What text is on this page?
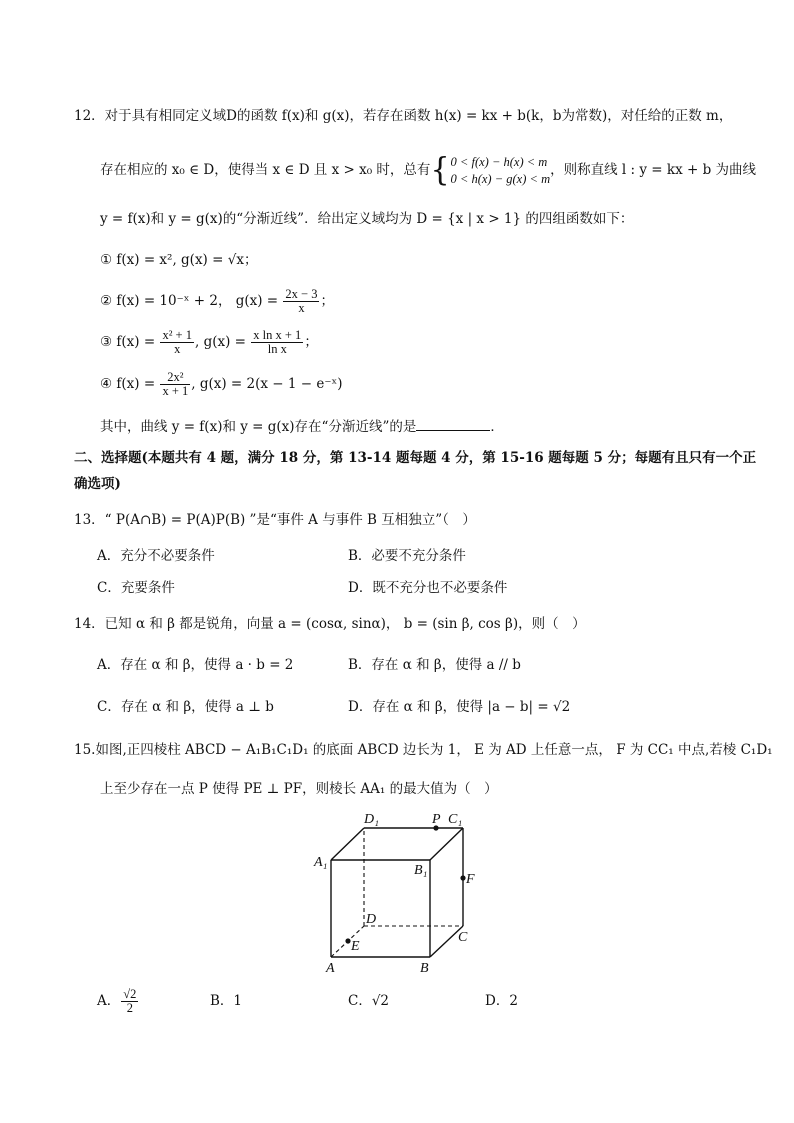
12．对于具有相同定义域D的函数 f(x)和 g(x)，若存在函数 h(x) = kx + b(k，b为常数)，对任给的正数 m，
存在相应的 x₀ ∈ D，使得当 x ∈ D 且 x > x₀ 时，总有{ 0 < f(x) − h(x) < m
0 < h(x) − g(x) < m
，则称直线 l : y = kx + b 为曲线
y = f(x)和 y = g(x)的“分渐近线”．给出定义域均为 D = {x | x > 1} 的四组函数如下：
① f(x) = x², g(x) = √x；
② f(x) = 10⁻ˣ + 2， $g(x) = \frac{2x - 3}{x}$ ；
③ $f(x) = \frac{\text{x² + 1}}{x}$ , $g(x) = \frac{\text{x ln x + 1}}{\text{ln x}}$ ；
④ $f(x) = \frac{\text{2x²}}{x + 1}$ , g(x) = 2(x − 1 − e⁻ˣ)
其中，曲线 y = f(x)和 y = g(x)存在“分渐近线”的是	．
二、选择题(本题共有 4 题，满分 18 分，第 13-14 题每题 4 分，第 15-16 题每题 5 分；每题有且只有一个正
确选项)
13．“ P(A∩B) = P(A)P(B) ”是“事件 A 与事件 B 互相独立”（　）
A．充分不必要条件	B．必要不充分条件
C．充要条件	D．既不充分也不必要条件
14．已知 α 和 β 都是锐角，向量 a = (cosα, sinα)， b = (sin β, cos β)，则（　）
A．存在 α 和 β，使得 a · b = 2	B．存在 α 和 β，使得 a // b
C．存在 α 和 β，使得 a ⊥ b	D．存在 α 和 β，使得 |a − b| = √2
15.如图,正四棱柱 ABCD − A₁B₁C₁D₁ 的底面 ABCD 边长为 1， E 为 AD 上任意一点， F 为 CC₁ 中点,若棱 C₁D₁
上至少存在一点 P 使得 PE ⊥ PF，则棱长 AA₁ 的最大值为（　）
D₁	P C₁
A₁
B₁
F
D
E
C
A	B
A． $\frac{√2}{2}$	B．1	C．√2	D．2
